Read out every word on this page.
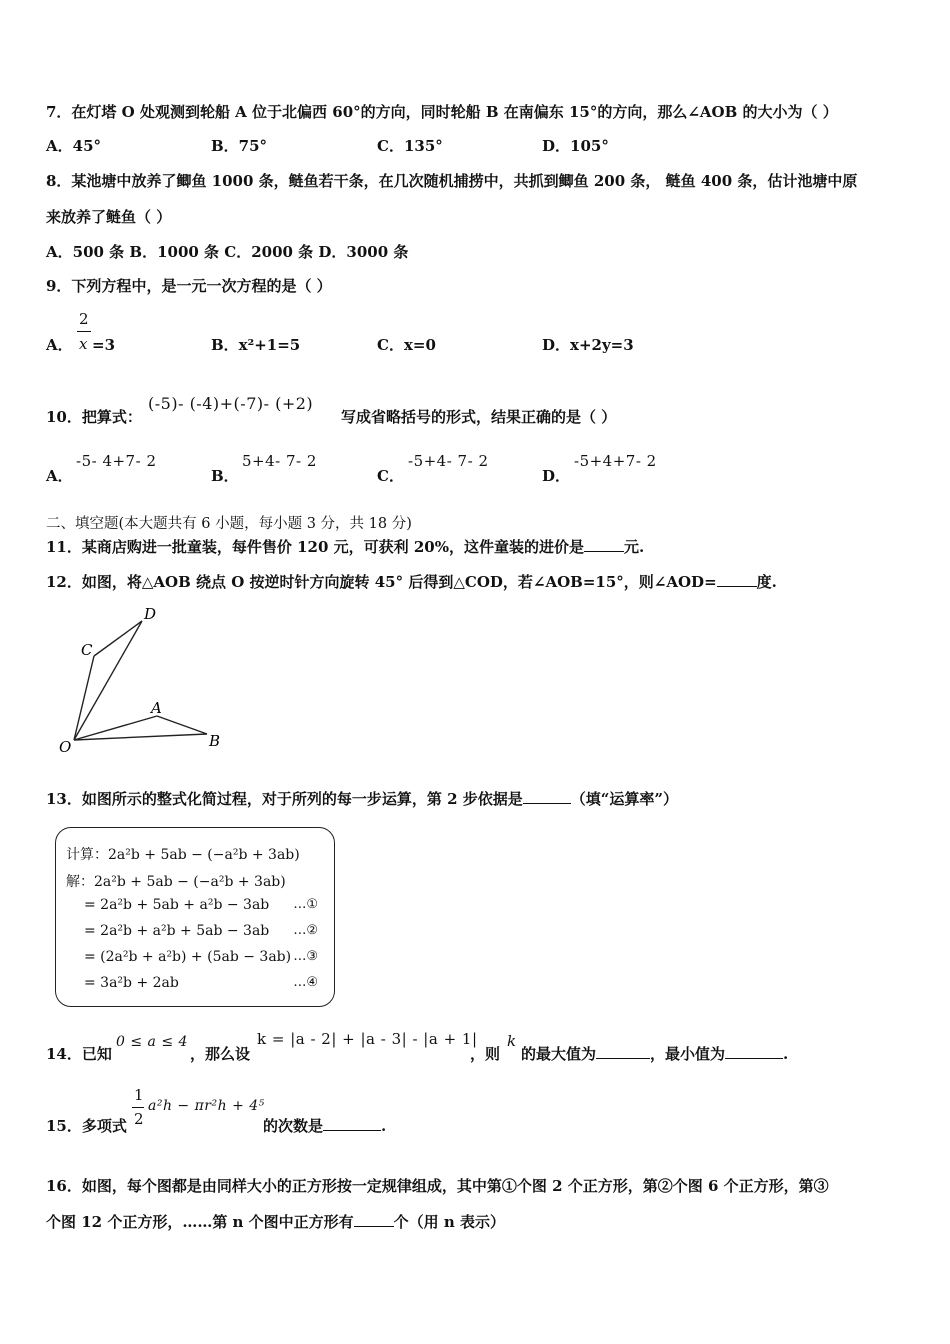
7．在灯塔 O 处观测到轮船 A 位于北偏西 60°的方向，同时轮船 B 在南偏东 15°的方向，那么∠AOB 的大小为（ ）
A．45°	B．75°	C．135°	D．105°
8．某池塘中放养了鲫鱼 1000 条，鲢鱼若干条，在几次随机捕捞中，共抓到鲫鱼 200 条， 鲢鱼 400 条，估计池塘中原
来放养了鲢鱼（ ）
A．500 条 B．1000 条 C．2000 条 D．3000 条
9．下列方程中，是一元一次方程的是（ ）
A．
2
x =3	B．x²+1=5	C．x=0	D．x+2y=3
10．把算式：
(-5)- (-4)+(-7)- (+2)
写成省略括号的形式，结果正确的是（ ）
A．
-5- 4+7- 2
B．
5+4- 7- 2
C．
-5+4- 7- 2
D．
-5+4+7- 2
二、填空题(本大题共有 6 小题，每小题 3 分，共 18 分)
11．某商店购进一批童装，每件售价 120 元，可获利 20%，这件童装的进价是	元.
12．如图，将△AOB 绕点 O 按逆时针方向旋转 45° 后得到△COD，若∠AOB=15°，则∠AOD=	度.
D
C
A
O	B
13．如图所示的整式化简过程，对于所列的每一步运算，第 2 步依据是	（填“运算率”）
计算：2a²b + 5ab − (−a²b + 3ab)
解：2a²b + 5ab − (−a²b + 3ab)
= 2a²b + 5ab + a²b − 3ab …①
= 2a²b + a²b + 5ab − 3ab …②
= (2a²b + a²b) + (5ab − 3ab) …③
= 3a²b + 2ab	…④
14．已知
0 ≤ a ≤ 4
，那么设
k = |a - 2| + |a - 3| - |a + 1|
，则
k
的最大值为	，最小值为	.
15．多项式
1
2
a²h − πr²h + 4⁵
的次数是	.
16．如图，每个图都是由同样大小的正方形按一定规律组成，其中第①个图 2 个正方形，第②个图 6 个正方形，第③
个图 12 个正方形，……第 n 个图中正方形有	个（用 n 表示）
